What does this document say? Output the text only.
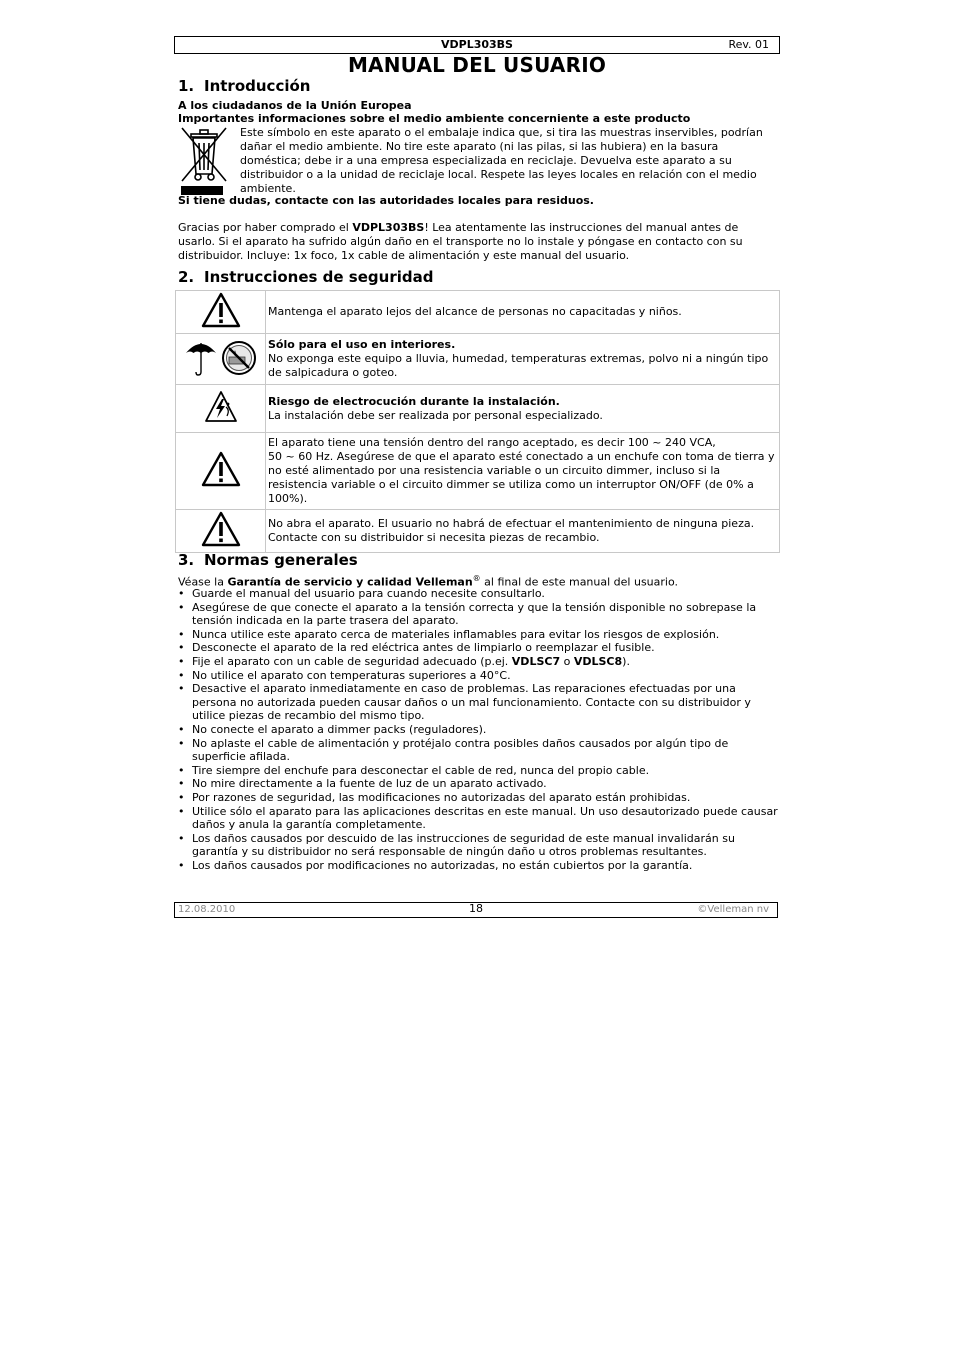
VDPL303BS	Rev. 01
MANUAL DEL USUARIO
1. Introducción
A los ciudadanos de la Unión Europea
Importantes informaciones sobre el medio ambiente concerniente a este producto
Este símbolo en este aparato o el embalaje indica que, si tira las muestras inservibles, podrían dañar el medio ambiente. No tire este aparato (ni las pilas, si las hubiera) en la basura doméstica; debe ir a una empresa especializada en reciclaje. Devuelva este aparato a su distribuidor o a la unidad de reciclaje local. Respete las leyes locales en relación con el medio ambiente.
Si tiene dudas, contacte con las autoridades locales para residuos.
Gracias por haber comprado el VDPL303BS! Lea atentamente las instrucciones del manual antes de usarlo. Si el aparato ha sufrido algún daño en el transporte no lo instale y póngase en contacto con su distribuidor. Incluye: 1x foco, 1x cable de alimentación y este manual del usuario.
2. Instrucciones de seguridad
	Mantenga el aparato lejos del alcance de personas no capacitadas y niños.

Sólo para el uso en interiores.
No exponga este equipo a lluvia, humedad, temperaturas extremas, polvo ni a ningún tipo de salpicadura o goteo.

Riesgo de electrocución durante la instalación.
La instalación debe ser realizada por personal especializado.

El aparato tiene una tensión dentro del rango aceptado, es decir 100 ~ 240 VCA,
50 ~ 60 Hz. Asegúrese de que el aparato esté conectado a un enchufe con toma de tierra y no esté alimentado por una resistencia variable o un circuito dimmer, incluso si la resistencia variable o el circuito dimmer se utiliza como un interruptor ON/OFF (de 0% a 100%).

	No abra el aparato. El usuario no habrá de efectuar el mantenimiento de ninguna pieza. Contacte con su distribuidor si necesita piezas de recambio.
3. Normas generales
Véase la Garantía de servicio y calidad Velleman® al final de este manual del usuario.
• Guarde el manual del usuario para cuando necesite consultarlo.
• Asegúrese de que conecte el aparato a la tensión correcta y que la tensión disponible no sobrepase la tensión indicada en la parte trasera del aparato.
• Nunca utilice este aparato cerca de materiales inflamables para evitar los riesgos de explosión.
• Desconecte el aparato de la red eléctrica antes de limpiarlo o reemplazar el fusible.
• Fije el aparato con un cable de seguridad adecuado (p.ej. VDLSC7 o VDLSC8).
• No utilice el aparato con temperaturas superiores a 40°C.
• Desactive el aparato inmediatamente en caso de problemas. Las reparaciones efectuadas por una persona no autorizada pueden causar daños o un mal funcionamiento. Contacte con su distribuidor y utilice piezas de recambio del mismo tipo.
• No conecte el aparato a dimmer packs (reguladores).
• No aplaste el cable de alimentación y protéjalo contra posibles daños causados por algún tipo de superficie afilada.
• Tire siempre del enchufe para desconectar el cable de red, nunca del propio cable.
• No mire directamente a la fuente de luz de un aparato activado.
• Por razones de seguridad, las modificaciones no autorizadas del aparato están prohibidas.
• Utilice sólo el aparato para las aplicaciones descritas en este manual. Un uso desautorizado puede causar daños y anula la garantía completamente.
• Los daños causados por descuido de las instrucciones de seguridad de este manual invalidarán su garantía y su distribuidor no será responsable de ningún daño u otros problemas resultantes.
• Los daños causados por modificaciones no autorizadas, no están cubiertos por la garantía.
12.08.2010	18	©Velleman nv
